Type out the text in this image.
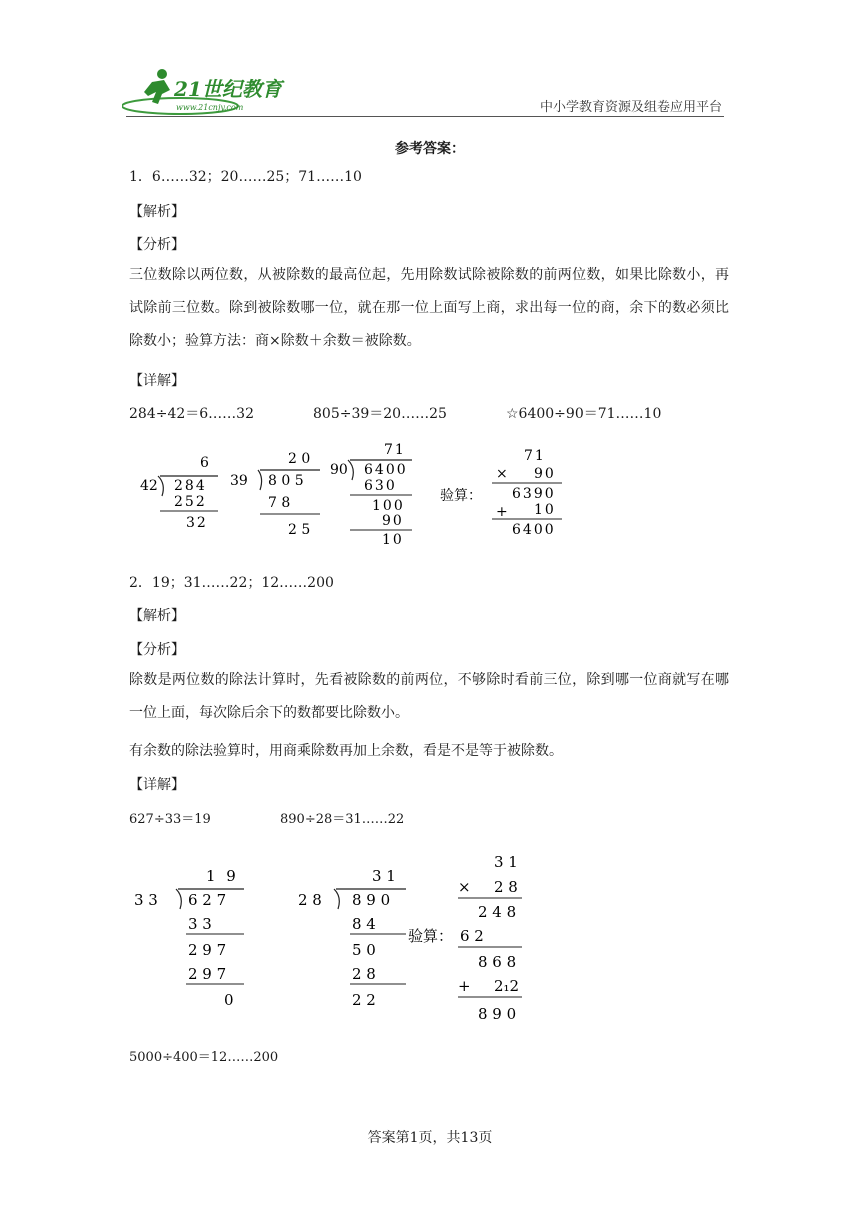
21世纪教育
www.21cnjy.com	中小学教育资源及组卷应用平台
参考答案：
1．6……32；20……25；71……10
【解析】
【分析】
三位数除以两位数，从被除数的最高位起，先用除数试除被除数的前两位数，如果比除数小，再试除前三位数。除到被除数哪一位，就在那一位上面写上商，求出每一位的商，余下的数必须比除数小；验算方法：商×除数＋余数＝被除数。
【详解】
284÷42＝6……32	805÷39＝20……25	☆6400÷90＝71……10
42
6
284
252
32
39
2 0
8 0 5
7 8
2 5
71
90 6400
630
100
90
10
验算：
71
× 90
6390
+ 10
6400
2．19；31……22；12……200
【解析】
【分析】
除数是两位数的除法计算时，先看被除数的前两位，不够除时看前三位，除到哪一位商就写在哪一位上面，每次除后余下的数都要比除数小。
有余数的除法验算时，用商乘除数再加上余数，看是不是等于被除数。
【详解】
627÷33＝19	890÷28＝31……22
1 9
3 3 6 2 7
3 3
2 9 7
2 9 7
0
3 1
2 8 8 9 0
8 4
5 0
2 8
2 2
验算：
3 1
× 2 8
2 4 8
6 2
8 6 8
+ 2₁2
8 9 0
5000÷400＝12……200
答案第1页，共13页
